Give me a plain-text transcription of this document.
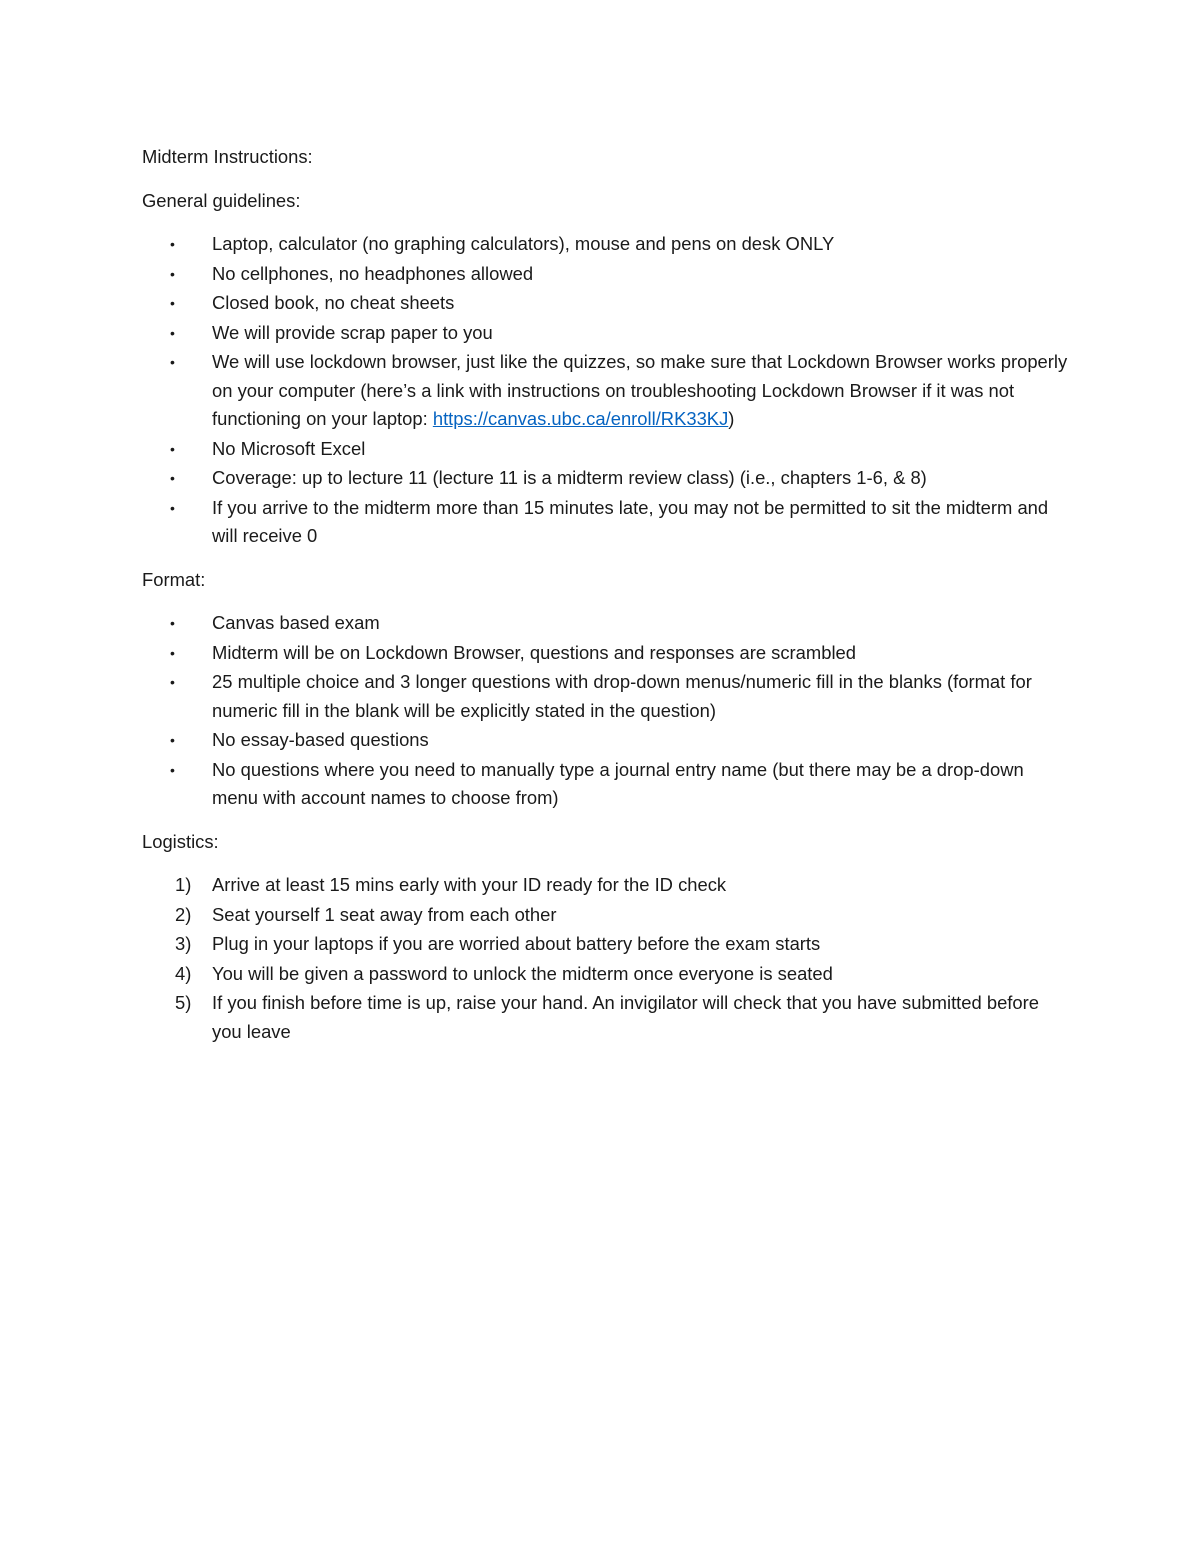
Midterm Instructions:
General guidelines:
•	Laptop, calculator (no graphing calculators), mouse and pens on desk ONLY
•	No cellphones, no headphones allowed
•	Closed book, no cheat sheets
•	We will provide scrap paper to you
•	We will use lockdown browser, just like the quizzes, so make sure that Lockdown Browser works properly on your computer (here’s a link with instructions on troubleshooting Lockdown Browser if it was not functioning on your laptop: https://canvas.ubc.ca/enroll/RK33KJ)
•	No Microsoft Excel
•	Coverage: up to lecture 11 (lecture 11 is a midterm review class) (i.e., chapters 1-6, & 8)
•	If you arrive to the midterm more than 15 minutes late, you may not be permitted to sit the midterm and will receive 0
Format:
•	Canvas based exam
•	Midterm will be on Lockdown Browser, questions and responses are scrambled
•	25 multiple choice and 3 longer questions with drop-down menus/numeric fill in the blanks (format for numeric fill in the blank will be explicitly stated in the question)
•	No essay-based questions
•	No questions where you need to manually type a journal entry name (but there may be a drop-down menu with account names to choose from)
Logistics:
1)	Arrive at least 15 mins early with your ID ready for the ID check
2)	Seat yourself 1 seat away from each other
3)	Plug in your laptops if you are worried about battery before the exam starts
4)	You will be given a password to unlock the midterm once everyone is seated
5)	If you finish before time is up, raise your hand. An invigilator will check that you have submitted before you leave
